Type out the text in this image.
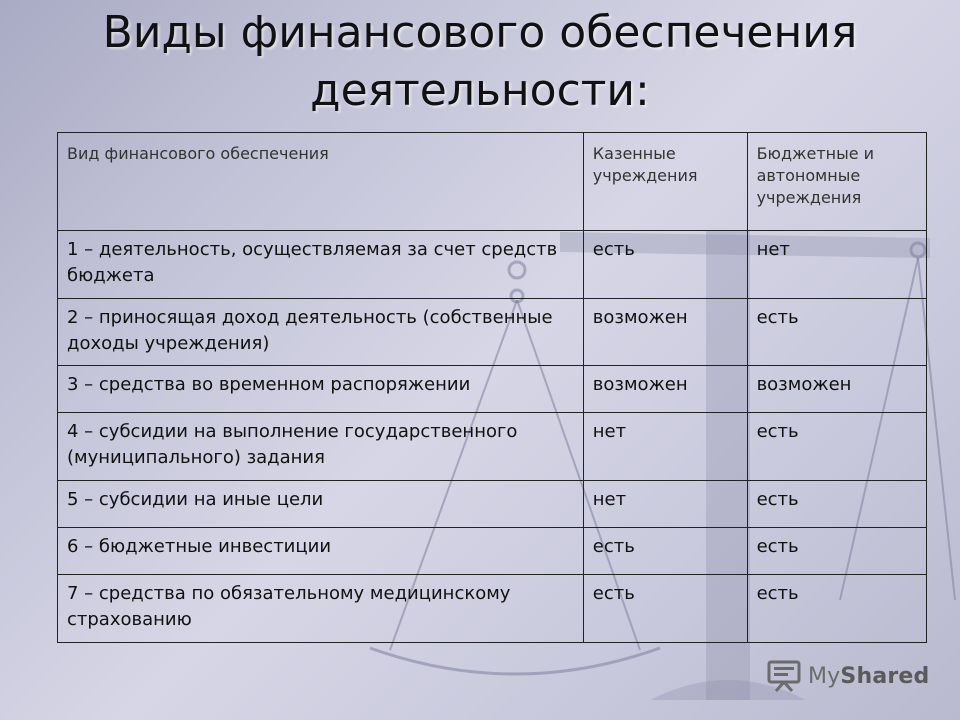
Виды финансового обеспечения
деятельности:
Вид финансового обеспечения	Казенные учреждения	Бюджетные и автономные учреждения
1 – деятельность, осуществляемая за счет средств бюджета	есть	нет
2 – приносящая доход деятельность (собственные доходы учреждения)	возможен	есть
3 – средства во временном распоряжении	возможен	возможен
4 – субсидии на выполнение государственного (муниципального) задания	нет	есть
5 – субсидии на иные цели	нет	есть
6 – бюджетные инвестиции	есть	есть
7 – средства по обязательному медицинскому страхованию	есть	есть
MyShared
